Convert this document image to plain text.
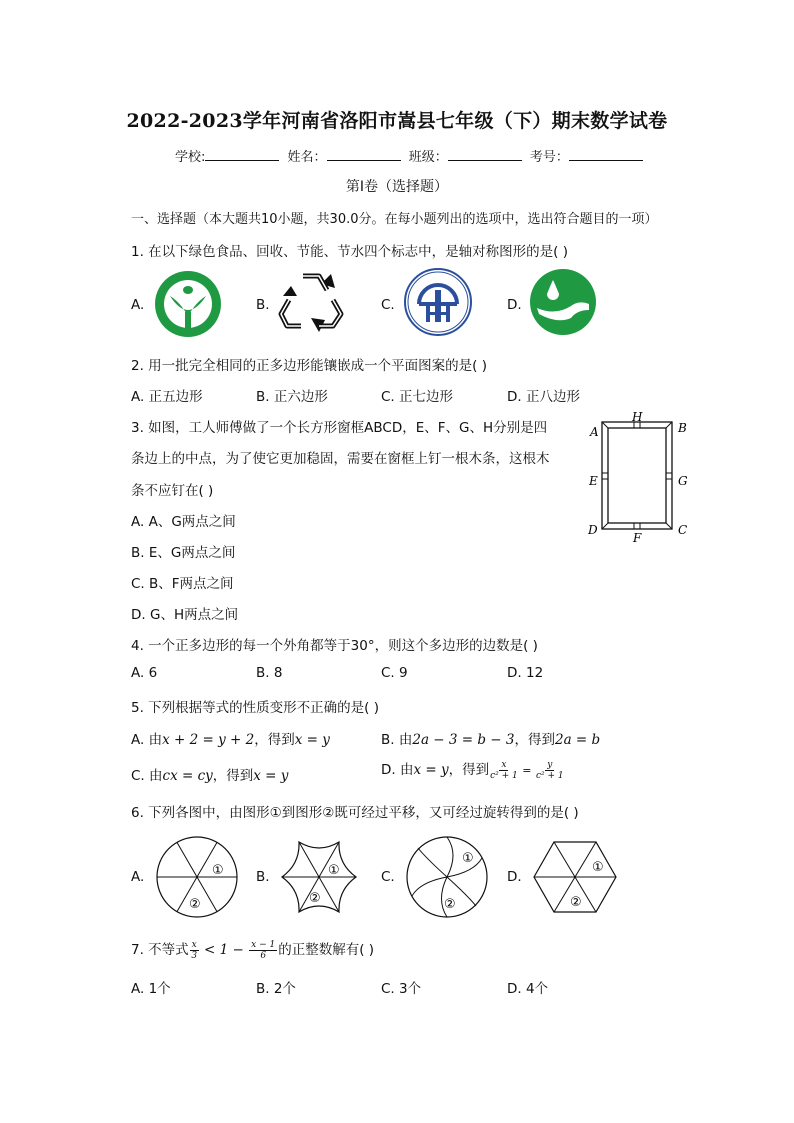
2022-2023学年河南省洛阳市嵩县七年级（下）期末数学试卷
学校:	姓名：	班级：	考号：
第I卷（选择题）
一、选择题（本大题共10小题，共30.0分。在每小题列出的选项中，选出符合题目的一项）
1. 在以下绿色食品、回收、节能、节水四个标志中，是轴对称图形的是( )
A.	B.	C.	D.
2. 用一批完全相同的正多边形能镶嵌成一个平面图案的是( )
A. 正五边形	B. 正六边形	C. 正七边形	D. 正八边形
3. 如图，工人师傅做了一个长方形窗框ABCD，E、F、G、H分别是四
条边上的中点，为了使它更加稳固，需要在窗框上钉一根木条，这根木
条不应钉在( )
A. A、G两点之间
B. E、G两点之间
C. B、F两点之间
D. G、H两点之间
A	B
C
D
E
F
G
H
4. 一个正多边形的每一个外角都等于30°，则这个多边形的边数是( )
A. 6	B. 8	C. 9	D. 12
5. 下列根据等式的性质变形不正确的是( )
A. 由x + 2 = y + 2，得到x = y	B. 由2a − 3 = b − 3，得到2a = b
C. 由cx = cy，得到x = y	D. 由x = y，得到 $\frac{x}{\text{c² + 1}} = \frac{y}{\text{c² + 1}}$
6. 下列各图中，由图形①到图形②既可经过平移，又可经过旋转得到的是( )
A.	B.	C.	D.
①
②
①
②
①
②
①
②
7. 不等式 $\frac{x}{3} < 1 - \frac{x - 1}{6}$ 的正整数解有( )
A. 1个	B. 2个	C. 3个	D. 4个
